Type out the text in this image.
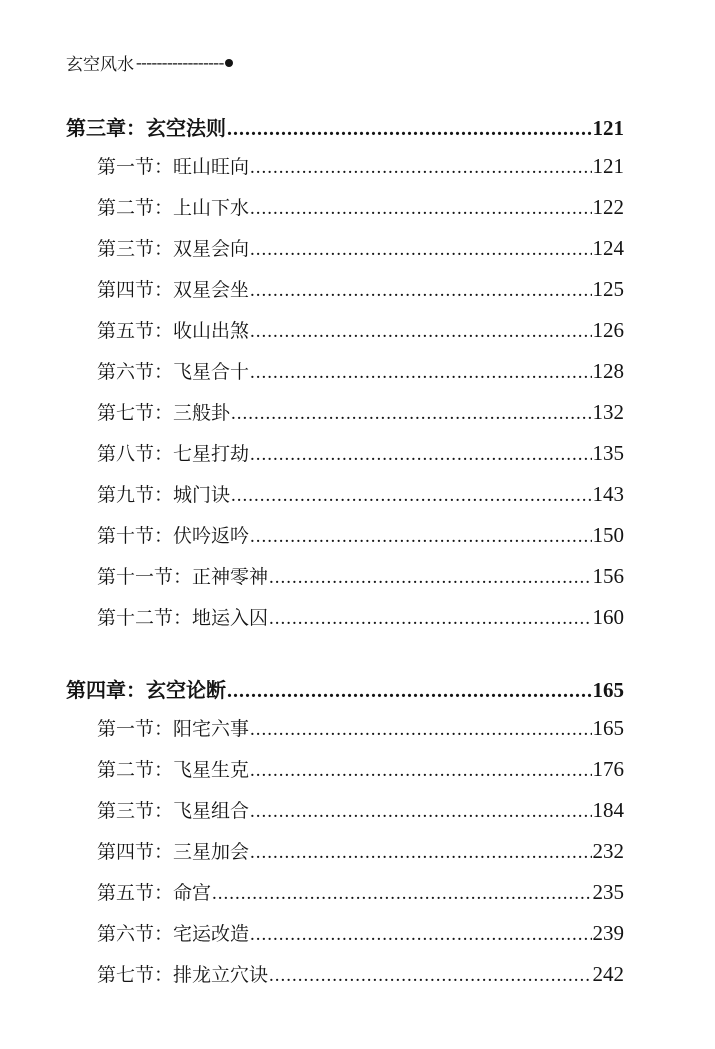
玄空风水 -----------------
第三章：玄空法则 .....	121
第一节：旺山旺向 .....	121
第二节：上山下水 .....	122
第三节：双星会向 .....	124
第四节：双星会坐 .....	125
第五节：收山出煞 .....	126
第六节：飞星合十 .....	128
第七节：三般卦 .....	132
第八节：七星打劫 .....	135
第九节：城门诀 .....	143
第十节：伏吟返吟 .....	150
第十一节：正神零神 .....	156
第十二节：地运入囚 .....	160
第四章：玄空论断 .....	165
第一节：阳宅六事 .....	165
第二节：飞星生克 .....	176
第三节：飞星组合 .....	184
第四节：三星加会 .....	232
第五节：命宫 .....	235
第六节：宅运改造 .....	239
第七节：排龙立穴诀 .....	242
